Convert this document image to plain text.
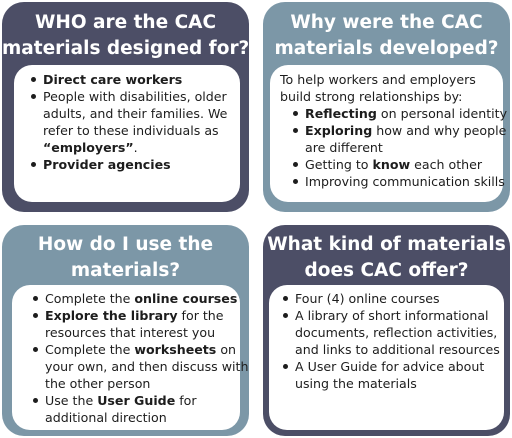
WHO are the CAC
materials designed for?
Direct care workers
People with disabilities, older
adults, and their families. We
refer to these individuals as
“employers”.
Provider agencies
Why were the CAC
materials developed?
To help workers and employers
build strong relationships by:
Reflecting on personal identity
Exploring how and why people
are different
Getting to know each other
Improving communication skills
How do I use the
materials?
Complete the online courses
Explore the library for the
resources that interest you
Complete the worksheets on
your own, and then discuss with
the other person
Use the User Guide for
additional direction
What kind of materials
does CAC offer?
Four (4) online courses
A library of short informational
documents, reflection activities,
and links to additional resources
A User Guide for advice about
using the materials
